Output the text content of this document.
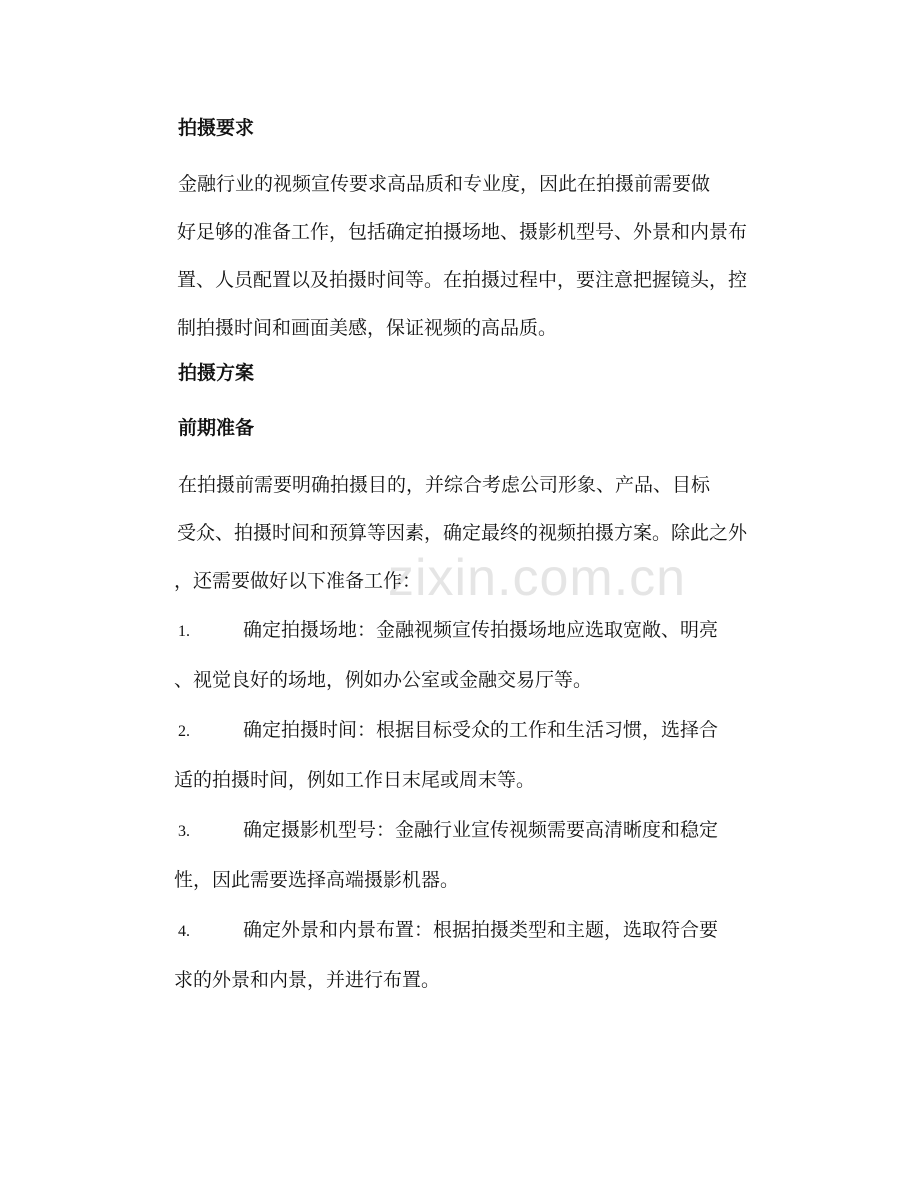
zixin.com.cn
拍摄要求
金融行业的视频宣传要求高品质和专业度，因此在拍摄前需要做
好足够的准备工作，包括确定拍摄场地、摄影机型号、外景和内景布
置、人员配置以及拍摄时间等。在拍摄过程中，要注意把握镜头，控
制拍摄时间和画面美感，保证视频的高品质。
拍摄方案
前期准备
在拍摄前需要明确拍摄目的，并综合考虑公司形象、产品、目标
受众、拍摄时间和预算等因素，确定最终的视频拍摄方案。除此之外
，还需要做好以下准备工作：
1.	确定拍摄场地：金融视频宣传拍摄场地应选取宽敞、明亮
、视觉良好的场地，例如办公室或金融交易厅等。
2.	确定拍摄时间：根据目标受众的工作和生活习惯，选择合
适的拍摄时间，例如工作日末尾或周末等。
3.	确定摄影机型号：金融行业宣传视频需要高清晰度和稳定
性，因此需要选择高端摄影机器。
4.	确定外景和内景布置：根据拍摄类型和主题，选取符合要
求的外景和内景，并进行布置。
